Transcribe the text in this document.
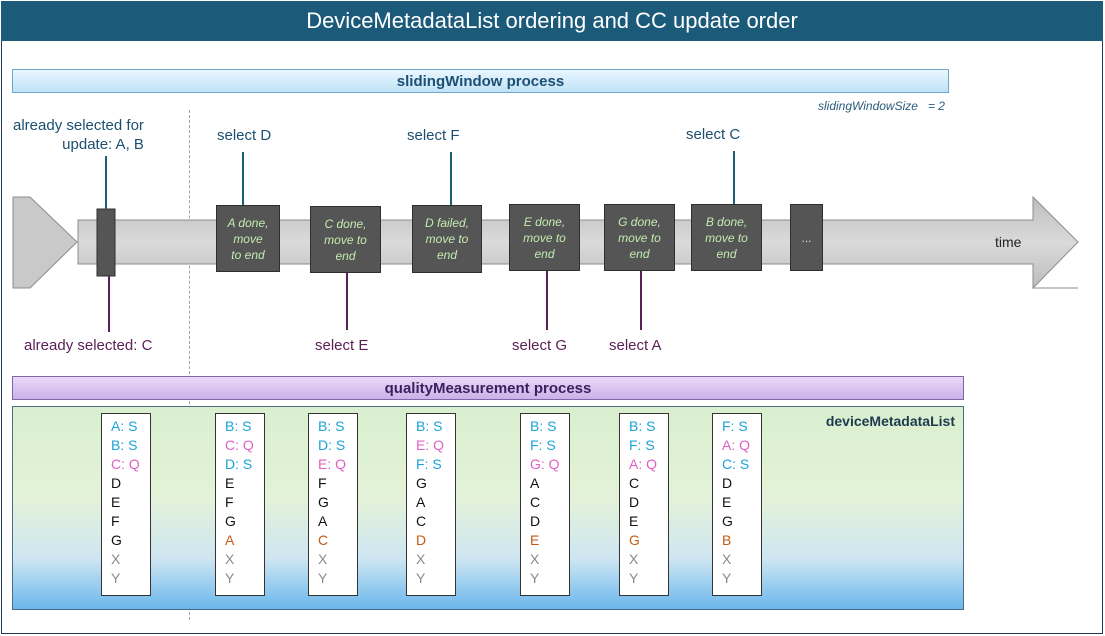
DeviceMetadataList ordering and CC update order
slidingWindow process
slidingWindowSize = 2
A done,
move
to end
C done,
move to
end
D failed,
move to
end
E done,
move to
end
G done,
move to
end
B done,
move to
end
...
already selected for
update: A, B
select D	select F	select C
already selected: C	select E	select G	select A
time
qualityMeasurement process
deviceMetadataList
A: S
B: S
C: Q
D
E
F
G
X
Y
B: S
C: Q
D: S
E
F
G
A
X
Y
B: S
D: S
E: Q
F
G
A
C
X
Y
B: S
E: Q
F: S
G
A
C
D
X
Y
B: S
F: S
G: Q
A
C
D
E
X
Y
B: S
F: S
A: Q
C
D
E
G
X
Y
F: S
A: Q
C: S
D
E
G
B
X
Y
